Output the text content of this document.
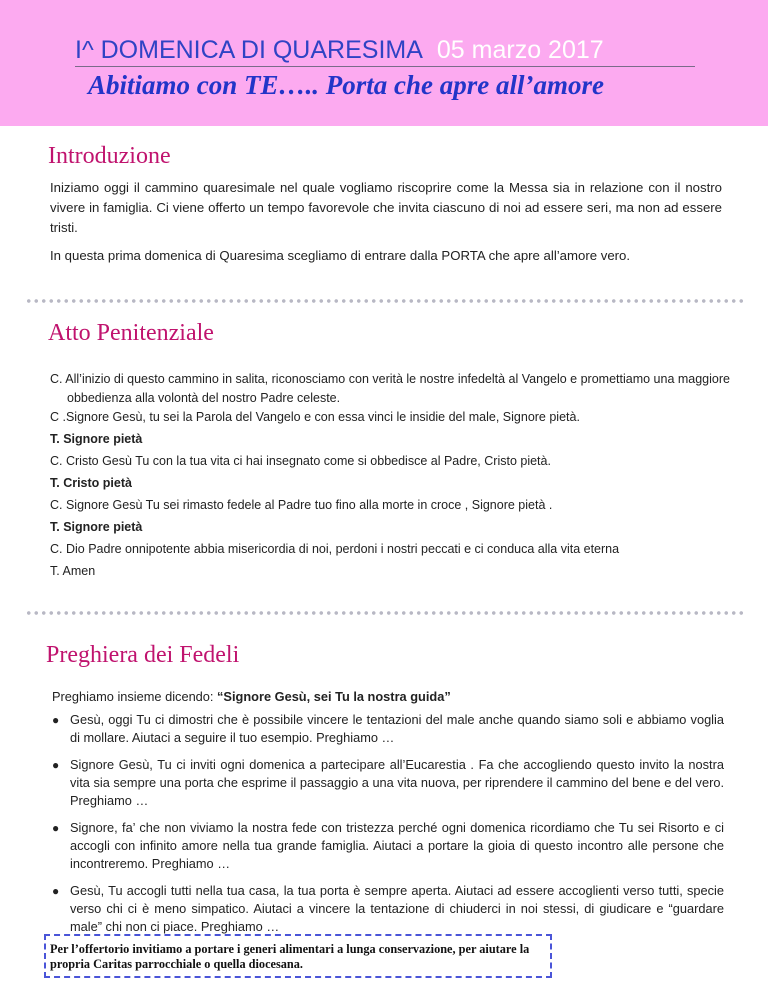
I^ DOMENICA DI QUARESIMA 05 marzo 2017
Abitiamo con TE….. Porta che apre all’amore
Introduzione
Iniziamo oggi il cammino quaresimale nel quale vogliamo riscoprire come la Messa sia in relazione con il nostro vivere in famiglia. Ci viene offerto un tempo favorevole che invita ciascuno di noi ad essere seri, ma non ad essere tristi.
In questa prima domenica di Quaresima scegliamo di entrare dalla PORTA che apre all’amore vero.
Atto Penitenziale
C. All’inizio di questo cammino in salita, riconosciamo con verità le nostre infedeltà al Vangelo e promettiamo una maggiore obbedienza alla volontà del nostro Padre celeste.
C .Signore Gesù, tu sei la Parola del Vangelo e con essa vinci le insidie del male, Signore pietà.
T. Signore pietà
C. Cristo Gesù Tu con la tua vita ci hai insegnato come si obbedisce al Padre, Cristo pietà.
T. Cristo pietà
C. Signore Gesù Tu sei rimasto fedele al Padre tuo fino alla morte in croce , Signore pietà .
T. Signore pietà
C. Dio Padre onnipotente abbia misericordia di noi, perdoni i nostri peccati e ci conduca alla vita eterna
T. Amen
Preghiera dei Fedeli
Preghiamo insieme dicendo: “Signore Gesù, sei Tu la nostra guida”
● Gesù, oggi Tu ci dimostri che è possibile vincere le tentazioni del male anche quando siamo soli e abbiamo voglia di mollare. Aiutaci a seguire il tuo esempio. Preghiamo …
● Signore Gesù, Tu ci inviti ogni domenica a partecipare all’Eucarestia . Fa che accogliendo questo invito la nostra vita sia sempre una porta che esprime il passaggio a una vita nuova, per riprendere il cammino del bene e del vero. Preghiamo …
● Signore, fa’ che non viviamo la nostra fede con tristezza perché ogni domenica ricordiamo che Tu sei Risorto e ci accogli con infinito amore nella tua grande famiglia. Aiutaci a portare la gioia di questo incontro alle persone che incontreremo. Preghiamo …
● Gesù, Tu accogli tutti nella tua casa, la tua porta è sempre aperta. Aiutaci ad essere accoglienti verso tutti, specie verso chi ci è meno simpatico. Aiutaci a vincere la tentazione di chiuderci in noi stessi, di giudicare e “guardare male” chi non ci piace. Preghiamo …
Per l’offertorio invitiamo a portare i generi alimentari a lunga conservazione, per aiutare la propria Caritas parrocchiale o quella diocesana.
